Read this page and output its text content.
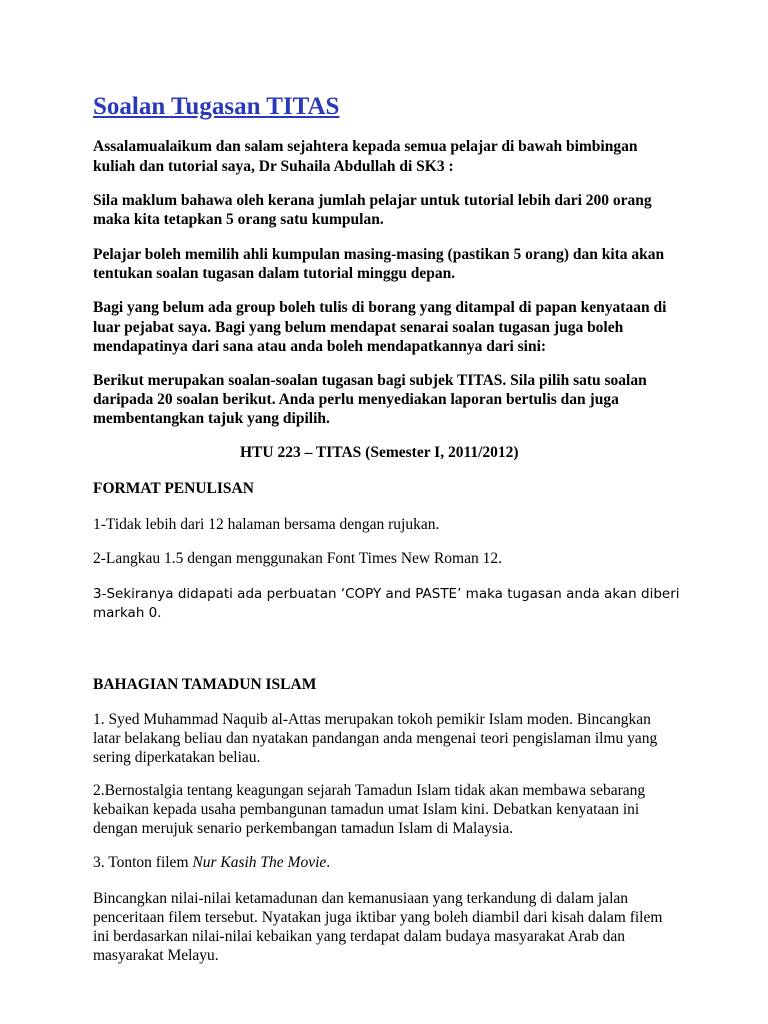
Soalan Tugasan TITAS
Assalamualaikum dan salam sejahtera kepada semua pelajar di bawah bimbingan
kuliah dan tutorial saya, Dr Suhaila Abdullah di SK3 :
Sila maklum bahawa oleh kerana jumlah pelajar untuk tutorial lebih dari 200 orang
maka kita tetapkan 5 orang satu kumpulan.
Pelajar boleh memilih ahli kumpulan masing-masing (pastikan 5 orang) dan kita akan
tentukan soalan tugasan dalam tutorial minggu depan.
Bagi yang belum ada group boleh tulis di borang yang ditampal di papan kenyataan di
luar pejabat saya. Bagi yang belum mendapat senarai soalan tugasan juga boleh
mendapatinya dari sana atau anda boleh mendapatkannya dari sini:
Berikut merupakan soalan-soalan tugasan bagi subjek TITAS. Sila pilih satu soalan
daripada 20 soalan berikut. Anda perlu menyediakan laporan bertulis dan juga
membentangkan tajuk yang dipilih.
HTU 223 – TITAS (Semester I, 2011/2012)
FORMAT PENULISAN
1-Tidak lebih dari 12 halaman bersama dengan rujukan.
2-Langkau 1.5 dengan menggunakan Font Times New Roman 12.
3-Sekiranya didapati ada perbuatan ‘COPY and PASTE’ maka tugasan anda akan diberi
markah 0.
BAHAGIAN TAMADUN ISLAM
1. Syed Muhammad Naquib al-Attas merupakan tokoh pemikir Islam moden. Bincangkan
latar belakang beliau dan nyatakan pandangan anda mengenai teori pengislaman ilmu yang
sering diperkatakan beliau.
2.Bernostalgia tentang keagungan sejarah Tamadun Islam tidak akan membawa sebarang
kebaikan kepada usaha pembangunan tamadun umat Islam kini. Debatkan kenyataan ini
dengan merujuk senario perkembangan tamadun Islam di Malaysia.
3. Tonton filem Nur Kasih The Movie.
Bincangkan nilai-nilai ketamadunan dan kemanusiaan yang terkandung di dalam jalan
penceritaan filem tersebut. Nyatakan juga iktibar yang boleh diambil dari kisah dalam filem
ini berdasarkan nilai-nilai kebaikan yang terdapat dalam budaya masyarakat Arab dan
masyarakat Melayu.
